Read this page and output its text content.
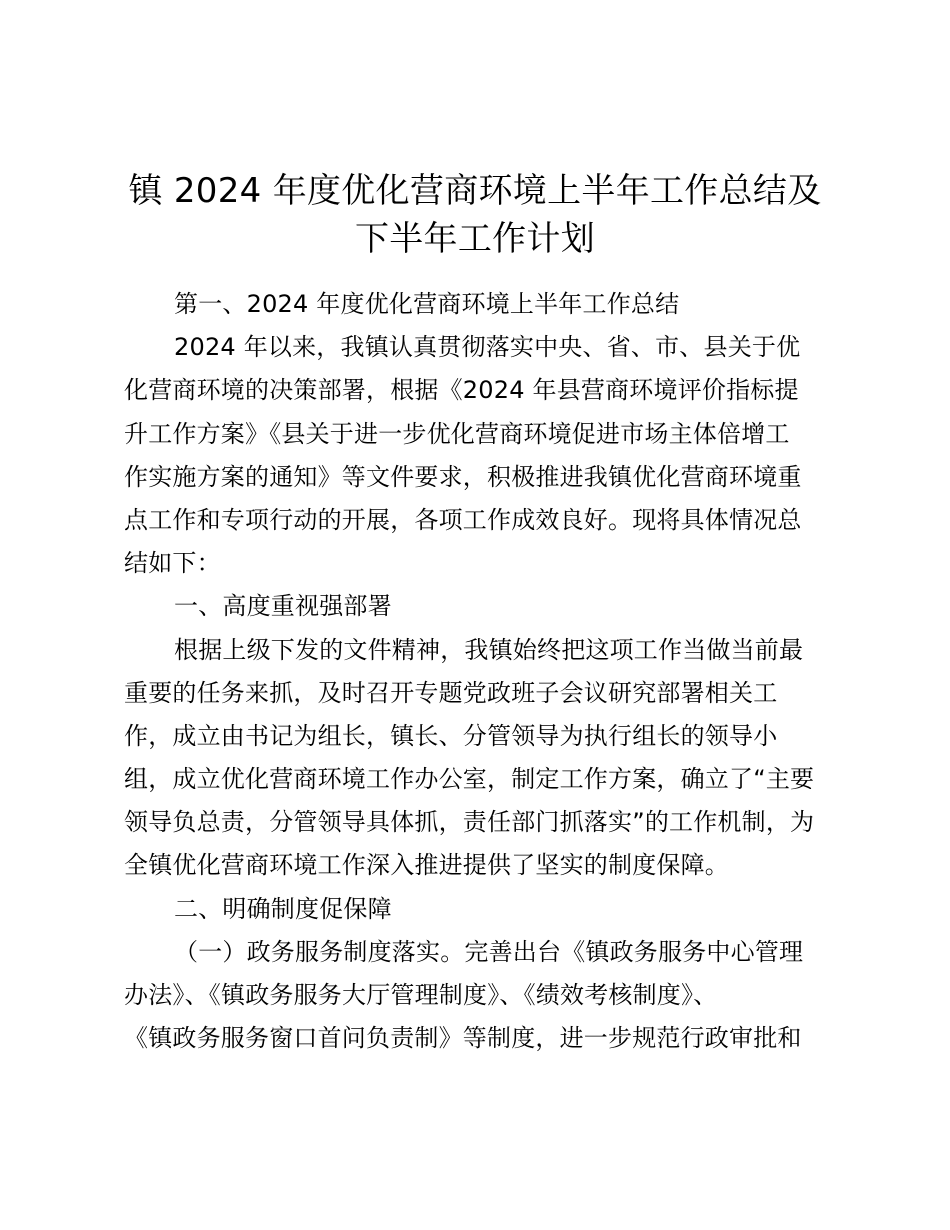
镇 2024 年度优化营商环境上半年工作总结及
下半年工作计划
第一、2024 年度优化营商环境上半年工作总结
2024 年以来，我镇认真贯彻落实中央、省、市、县关于优
化营商环境的决策部署，根据《2024 年县营商环境评价指标提
升工作方案》《县关于进一步优化营商环境促进市场主体倍增工
作实施方案的通知》等文件要求，积极推进我镇优化营商环境重
点工作和专项行动的开展，各项工作成效良好。现将具体情况总
结如下：
一、高度重视强部署
根据上级下发的文件精神，我镇始终把这项工作当做当前最
重要的任务来抓，及时召开专题党政班子会议研究部署相关工
作，成立由书记为组长，镇长、分管领导为执行组长的领导小
组，成立优化营商环境工作办公室，制定工作方案，确立了“主要
领导负总责，分管领导具体抓，责任部门抓落实”的工作机制，为
全镇优化营商环境工作深入推进提供了坚实的制度保障。
二、明确制度促保障
（一）政务服务制度落实。完善出台《镇政务服务中心管理
办法》、《镇政务服务大厅管理制度》、《绩效考核制度》、
《镇政务服务窗口首问负责制》等制度，进一步规范行政审批和
